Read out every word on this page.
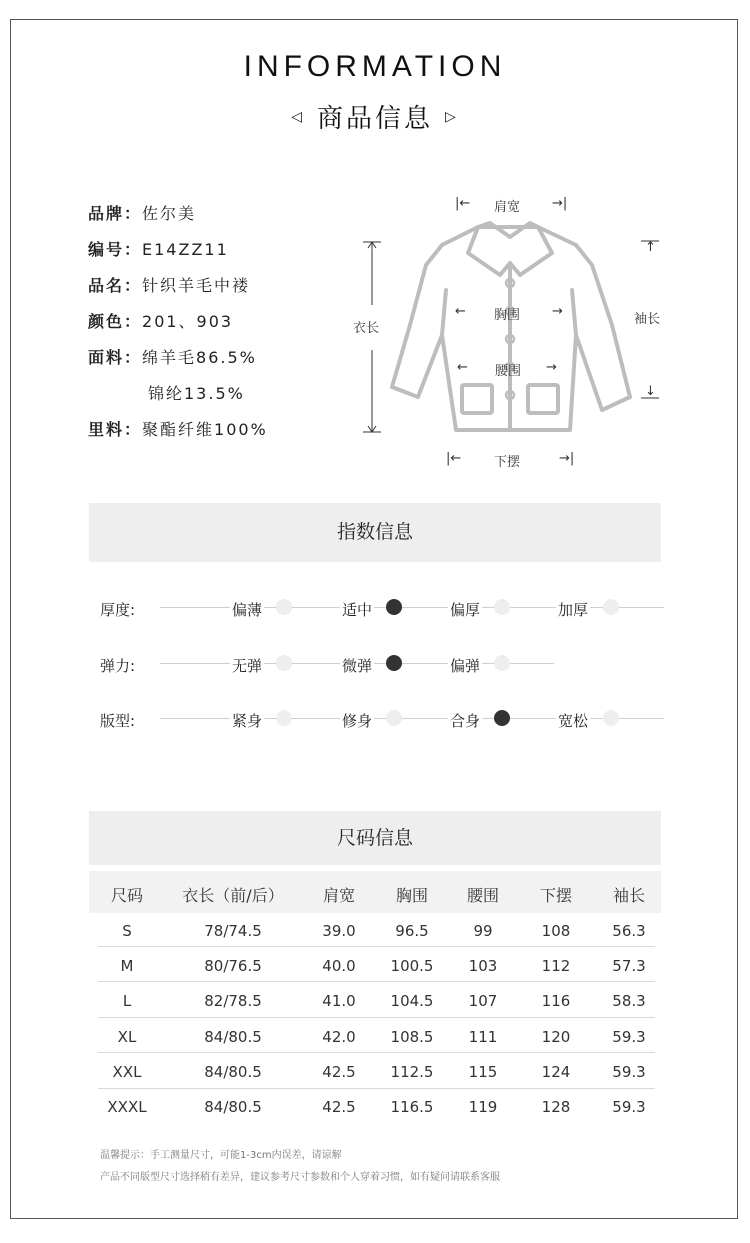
INFORMATION
◁ 商品信息 ▷
品牌：佐尔美
编号：E14ZZ11
品名：针织羊毛中褛
颜色：201、903
面料：绵羊毛86.5%
锦纶13.5%
里料：聚酯纤维100%
|← 肩宽 →|
衣长
← 胸围 →
← 腰围 →
↑
袖长
↓
|←	下摆	→|
指数信息
厚度:	偏薄	适中	偏厚	加厚
弹力:	无弹	微弹	偏弹
版型:	紧身	修身	合身	宽松
尺码信息
尺码 衣长（前/后） 肩宽	胸围 腰围	下摆	袖长
S	78/74.5	39.0	96.5	99	108	56.3
M	80/76.5	40.0 100.5 103	112	57.3
L	82/78.5	41.0 104.5 107	116	58.3
XL	84/80.5	42.0 108.5 111	120	59.3
XXL	84/80.5	42.5 112.5 115	124	59.3
XXXL	84/80.5	42.5 116.5 119	128	59.3
温馨提示：手工测量尺寸，可能1-3cm内误差，请谅解
产品不同版型尺寸选择稍有差异，建议参考尺寸参数和个人穿着习惯，如有疑问请联系客服
